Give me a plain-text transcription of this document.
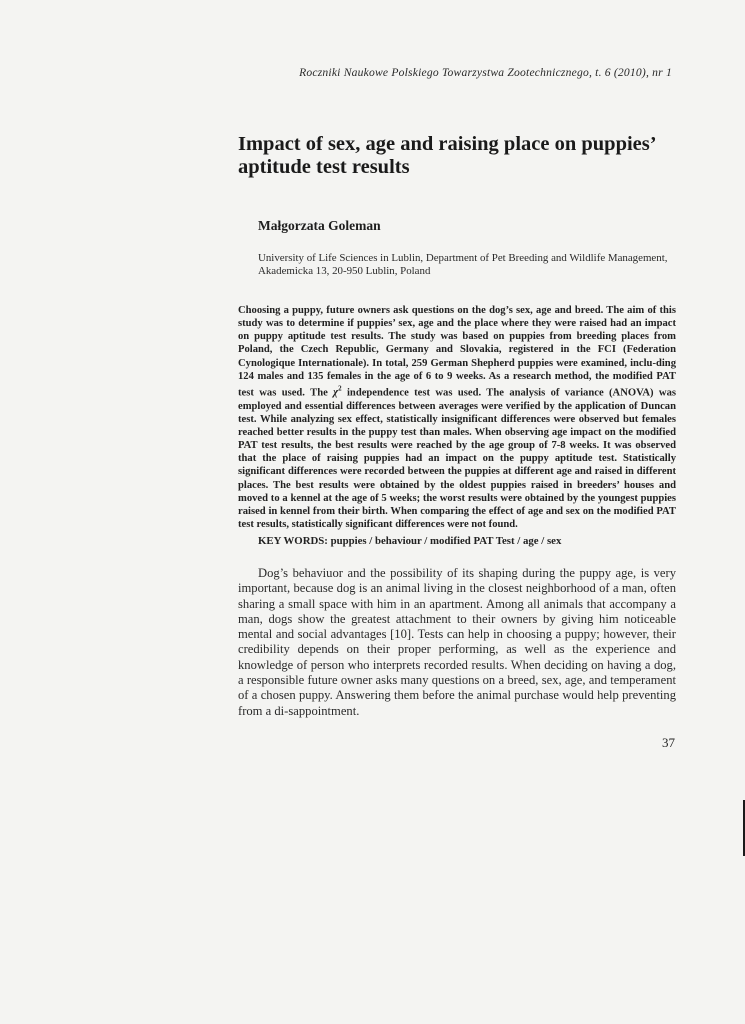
Roczniki Naukowe Polskiego Towarzystwa Zootechnicznego, t. 6 (2010), nr 1
Impact of sex, age and raising place on puppies’ aptitude test results

Małgorzata Goleman

University of Life Sciences in Lublin, Department of Pet Breeding and Wildlife Management, Akademicka 13, 20-950 Lublin, Poland

Choosing a puppy, future owners ask questions on the dog’s sex, age and breed. The aim of this study was to determine if puppies’ sex, age and the place where they were raised had an impact on puppy aptitude test results. The study was based on puppies from breeding places from Poland, the Czech Republic, Germany and Slovakia, registered in the FCI (Federation Cynologique Internationale). In total, 259 German Shepherd puppies were examined, inclu-ding 124 males and 135 females in the age of 6 to 9 weeks. As a research method, the modified PAT test was used. The $\chi^2$ independence test was used. The analysis of variance (ANOVA) was employed and essential differences between averages were verified by the application of Duncan test. While analyzing sex effect, statistically insignificant differences were observed but females reached better results in the puppy test than males. When observing age impact on the modified PAT test results, the best results were reached by the age group of 7-8 weeks. It was observed that the place of raising puppies had an impact on the puppy aptitude test. Statistically significant differences were recorded between the puppies at different age and raised in different places. The best results were obtained by the oldest puppies raised in breeders’ houses and moved to a kennel at the age of 5 weeks; the worst results were obtained by the youngest puppies raised in kennel from their birth. When comparing the effect of age and sex on the modified PAT test results, statistically significant differences were not found.

KEY WORDS: puppies / behaviour / modified PAT Test / age / sex

Dog’s behaviuor and the possibility of its shaping during the puppy age, is very important, because dog is an animal living in the closest neighborhood of a man, often sharing a small space with him in an apartment. Among all animals that accompany a man, dogs show the greatest attachment to their owners by giving him noticeable mental and social advantages [10]. Tests can help in choosing a puppy; however, their credibility depends on their proper performing, as well as the experience and knowledge of person who interprets recorded results. When deciding on having a dog, a responsible future owner asks many questions on a breed, sex, age, and temperament of a chosen puppy. Answering them before the animal purchase would help preventing from a di-sappointment.

37
